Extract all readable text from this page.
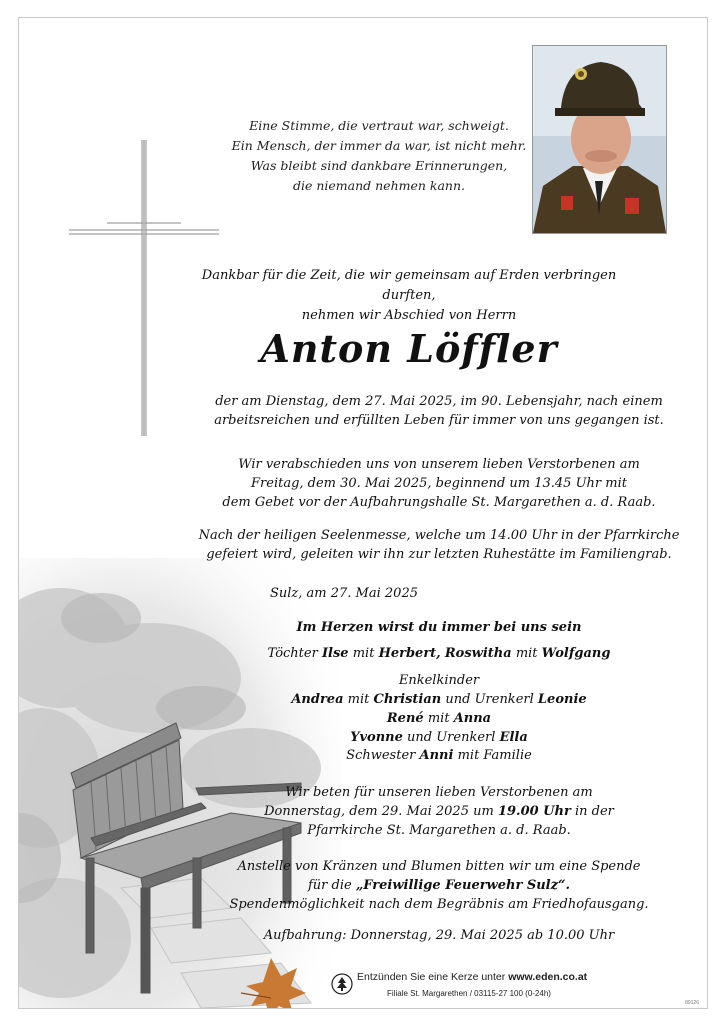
Eine Stimme, die vertraut war, schweigt.
Ein Mensch, der immer da war, ist nicht mehr.
Was bleibt sind dankbare Erinnerungen,
die niemand nehmen kann.
Dankbar für die Zeit, die wir gemeinsam auf Erden verbringen durften,
nehmen wir Abschied von Herrn
Anton Löffler
der am Dienstag, dem 27. Mai 2025, im 90. Lebensjahr, nach einem
arbeitsreichen und erfüllten Leben für immer von uns gegangen ist.
Wir verabschieden uns von unserem lieben Verstorbenen am
Freitag, dem 30. Mai 2025, beginnend um 13.45 Uhr mit
dem Gebet vor der Aufbahrungshalle St. Margarethen a. d. Raab.
Nach der heiligen Seelenmesse, welche um 14.00 Uhr in der Pfarrkirche
gefeiert wird, geleiten wir ihn zur letzten Ruhestätte im Familiengrab.
Sulz, am 27. Mai 2025
Im Herzen wirst du immer bei uns sein
Töchter Ilse mit Herbert, Roswitha mit Wolfgang
Enkelkinder
Andrea mit Christian und Urenkerl Leonie
René mit Anna
Yvonne und Urenkerl Ella
Schwester Anni mit Familie
Wir beten für unseren lieben Verstorbenen am
Donnerstag, dem 29. Mai 2025 um 19.00 Uhr in der
Pfarrkirche St. Margarethen a. d. Raab.
Anstelle von Kränzen und Blumen bitten wir um eine Spende
für die „Freiwillige Feuerwehr Sulz“.
Spendenmöglichkeit nach dem Begräbnis am Friedhofausgang.
Aufbahrung: Donnerstag, 29. Mai 2025 ab 10.00 Uhr
Entzünden Sie eine Kerze unter www.eden.co.at
Filiale St. Margarethen / 03115-27 100 (0-24h)
89126
